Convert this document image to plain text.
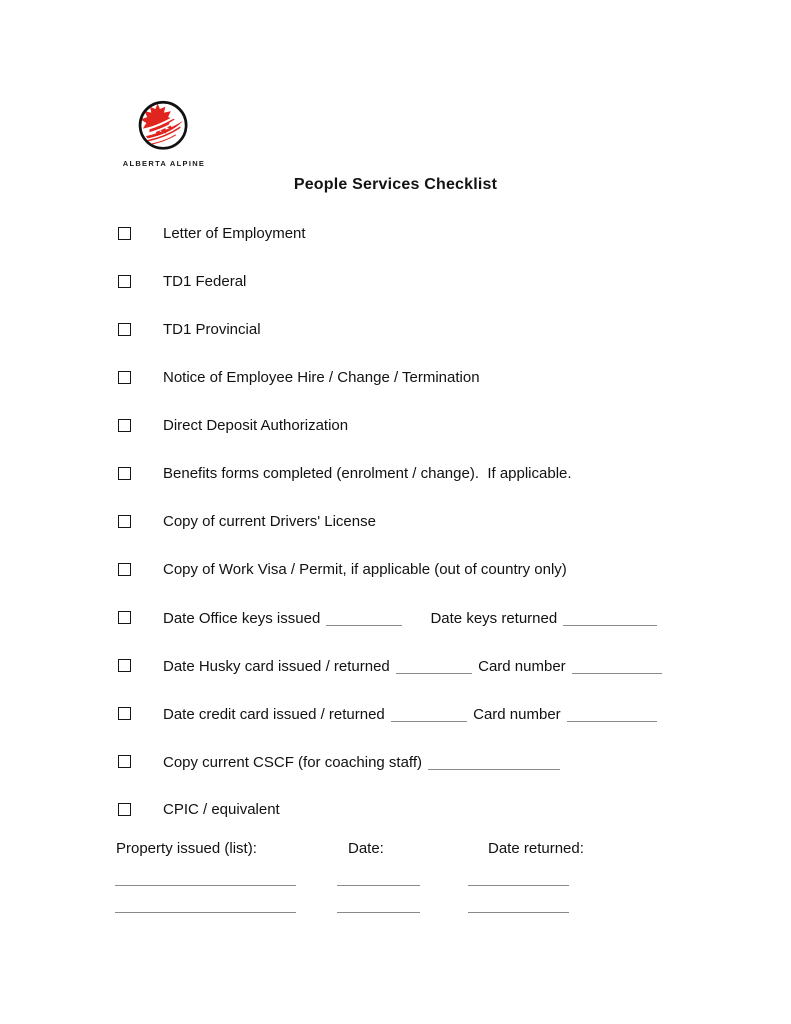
ALBERTA ALPINE
People Services Checklist
Letter of Employment
TD1 Federal
TD1 Provincial
Notice of Employee Hire / Change / Termination
Direct Deposit Authorization
Benefits forms completed (enrolment / change).  If applicable.
Copy of current Drivers' License
Copy of Work Visa / Permit, if applicable (out of country only)
Date Office keys issued	Date keys returned
Date Husky card issued / returned	Card number
Date credit card issued / returned	Card number
Copy current CSCF (for coaching staff)
CPIC / equivalent
Property issued (list):	Date:	Date returned:
